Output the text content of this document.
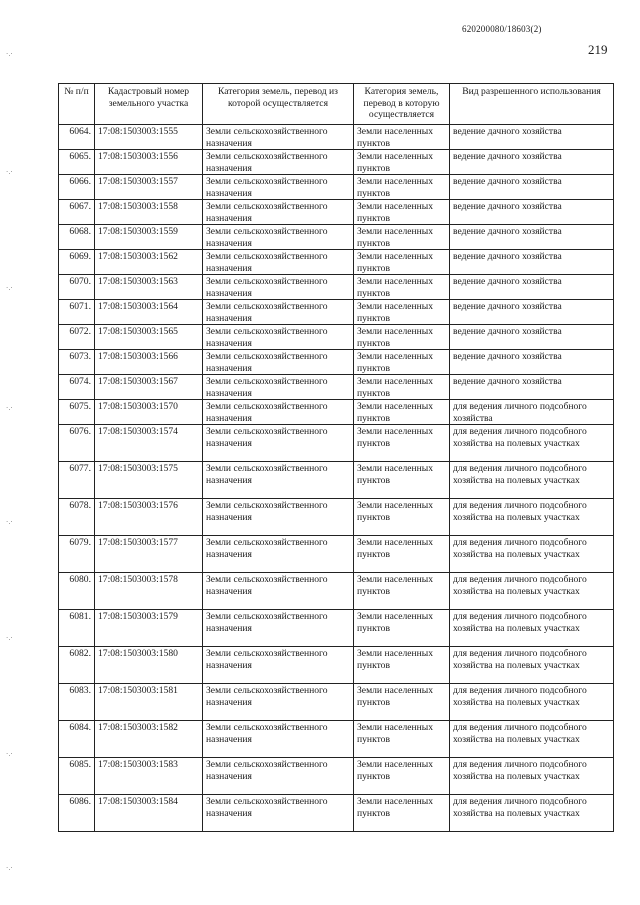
620200080/18603(2)
219
·.·
·.·
·.·
·.·
·.·
·.·
·.·
·.·
№ п/п	Кадастровый номер земельного участка	Категория земель, перевод из которой осуществляется	Категория земель, перевод в которую осуществляется	Вид разрешенного использования
6064.	17:08:1503003:1555	Земли сельскохозяйственного назначения	Земли населенных пунктов	ведение дачного хозяйства
6065.	17:08:1503003:1556	Земли сельскохозяйственного назначения	Земли населенных пунктов	ведение дачного хозяйства
6066.	17:08:1503003:1557	Земли сельскохозяйственного назначения	Земли населенных пунктов	ведение дачного хозяйства
6067.	17:08:1503003:1558	Земли сельскохозяйственного назначения	Земли населенных пунктов	ведение дачного хозяйства
6068.	17:08:1503003:1559	Земли сельскохозяйственного назначения	Земли населенных пунктов	ведение дачного хозяйства
6069.	17:08:1503003:1562	Земли сельскохозяйственного назначения	Земли населенных пунктов	ведение дачного хозяйства
6070.	17:08:1503003:1563	Земли сельскохозяйственного назначения	Земли населенных пунктов	ведение дачного хозяйства
6071.	17:08:1503003:1564	Земли сельскохозяйственного назначения	Земли населенных пунктов	ведение дачного хозяйства
6072.	17:08:1503003:1565	Земли сельскохозяйственного назначения	Земли населенных пунктов	ведение дачного хозяйства
6073.	17:08:1503003:1566	Земли сельскохозяйственного назначения	Земли населенных пунктов	ведение дачного хозяйства
6074.	17:08:1503003:1567	Земли сельскохозяйственного назначения	Земли населенных пунктов	ведение дачного хозяйства
6075.	17:08:1503003:1570	Земли сельскохозяйственного назначения	Земли населенных пунктов	для ведения личного подсобного хозяйства
6076.	17:08:1503003:1574	Земли сельскохозяйственного назначения	Земли населенных пунктов	для ведения личного подсобного хозяйства на полевых участках
6077.	17:08:1503003:1575	Земли сельскохозяйственного назначения	Земли населенных пунктов	для ведения личного подсобного хозяйства на полевых участках
6078.	17:08:1503003:1576	Земли сельскохозяйственного назначения	Земли населенных пунктов	для ведения личного подсобного хозяйства на полевых участках
6079.	17:08:1503003:1577	Земли сельскохозяйственного назначения	Земли населенных пунктов	для ведения личного подсобного хозяйства на полевых участках
6080.	17:08:1503003:1578	Земли сельскохозяйственного назначения	Земли населенных пунктов	для ведения личного подсобного хозяйства на полевых участках
6081.	17:08:1503003:1579	Земли сельскохозяйственного назначения	Земли населенных пунктов	для ведения личного подсобного хозяйства на полевых участках
6082.	17:08:1503003:1580	Земли сельскохозяйственного назначения	Земли населенных пунктов	для ведения личного подсобного хозяйства на полевых участках
6083.	17:08:1503003:1581	Земли сельскохозяйственного назначения	Земли населенных пунктов	для ведения личного подсобного хозяйства на полевых участках
6084.	17:08:1503003:1582	Земли сельскохозяйственного назначения	Земли населенных пунктов	для ведения личного подсобного хозяйства на полевых участках
6085.	17:08:1503003:1583	Земли сельскохозяйственного назначения	Земли населенных пунктов	для ведения личного подсобного хозяйства на полевых участках
6086.	17:08:1503003:1584	Земли сельскохозяйственного назначения	Земли населенных пунктов	для ведения личного подсобного хозяйства на полевых участках
